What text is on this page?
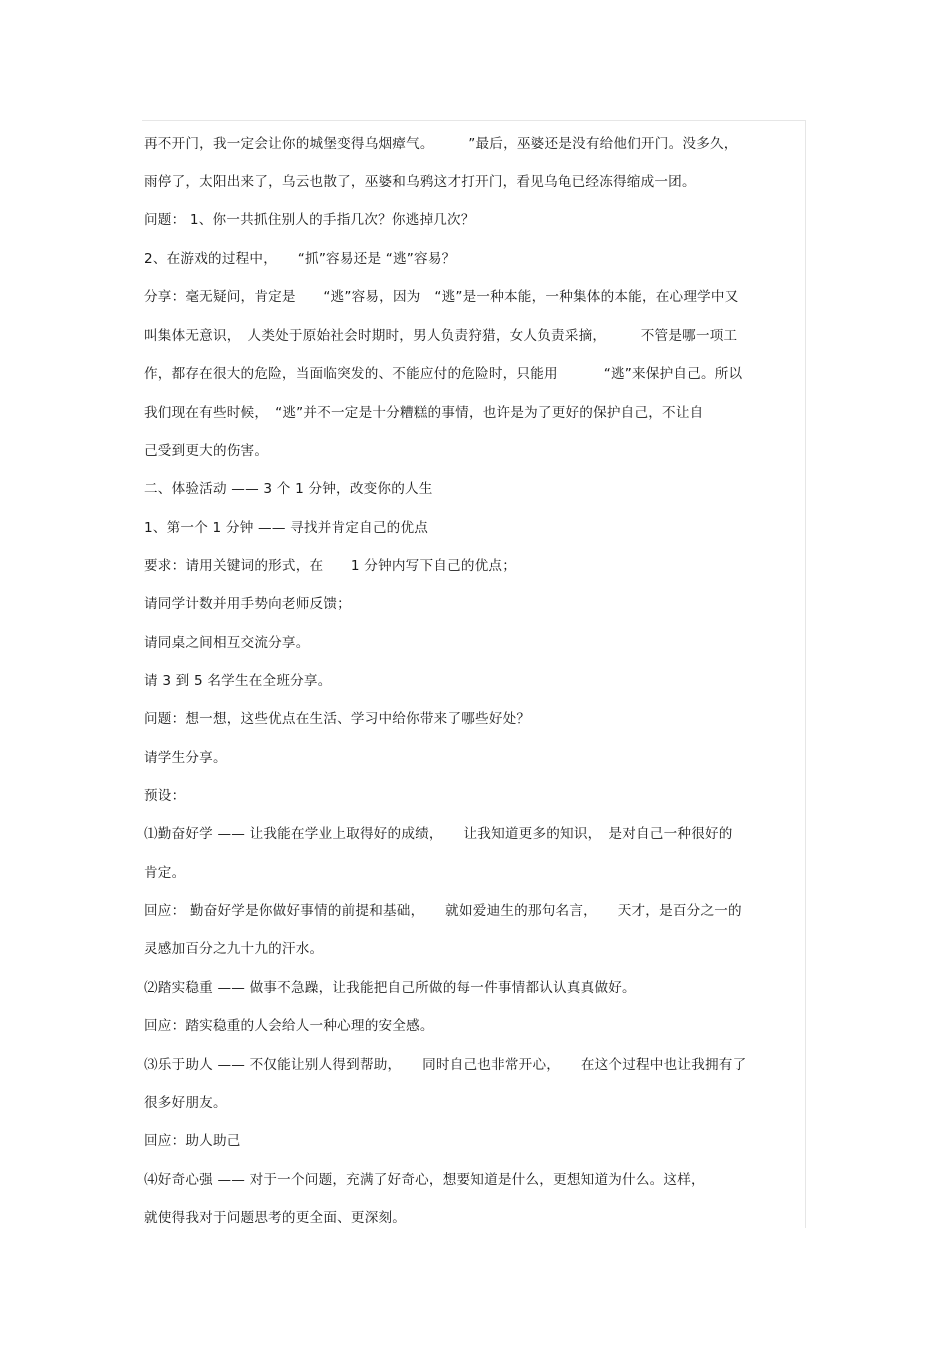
再不开门，我一定会让你的城堡变得乌烟瘴气。　　　”最后，巫婆还是没有给他们开门。没多久，
雨停了，太阳出来了，乌云也散了，巫婆和乌鸦这才打开门，看见乌龟已经冻得缩成一团。
问题： 1、你一共抓住别人的手指几次？你逃掉几次？
2、在游戏的过程中，　　“抓”容易还是 “逃”容易？
分享：毫无疑问，肯定是　　“逃”容易，因为　“逃”是一种本能，一种集体的本能，在心理学中又
叫集体无意识，　人类处于原始社会时期时，男人负责狩猎，女人负责采摘，　　　不管是哪一项工
作，都存在很大的危险，当面临突发的、不能应付的危险时，只能用　　　 “逃”来保护自己。所以
我们现在有些时候，　“逃”并不一定是十分糟糕的事情，也许是为了更好的保护自己，不让自
己受到更大的伤害。
二、体验活动 —— 3 个 1 分钟，改变你的人生
1、第一个 1 分钟 —— 寻找并肯定自己的优点
要求：请用关键词的形式，在　　1 分钟内写下自己的优点；
请同学计数并用手势向老师反馈；
请同桌之间相互交流分享。
请 3 到 5 名学生在全班分享。
问题：想一想，这些优点在生活、学习中给你带来了哪些好处？
请学生分享。
预设：
⑴勤奋好学 —— 让我能在学业上取得好的成绩，　　让我知道更多的知识，　是对自己一种很好的
肯定。
回应： 勤奋好学是你做好事情的前提和基础，　　就如爱迪生的那句名言，　　天才，是百分之一的
灵感加百分之九十九的汗水。
⑵踏实稳重 —— 做事不急躁，让我能把自己所做的每一件事情都认认真真做好。
回应：踏实稳重的人会给人一种心理的安全感。
⑶乐于助人 —— 不仅能让别人得到帮助，　　同时自己也非常开心，　　在这个过程中也让我拥有了
很多好朋友。
回应：助人助己
⑷好奇心强 —— 对于一个问题，充满了好奇心，想要知道是什么，更想知道为什么。这样，
就使得我对于问题思考的更全面、更深刻。
